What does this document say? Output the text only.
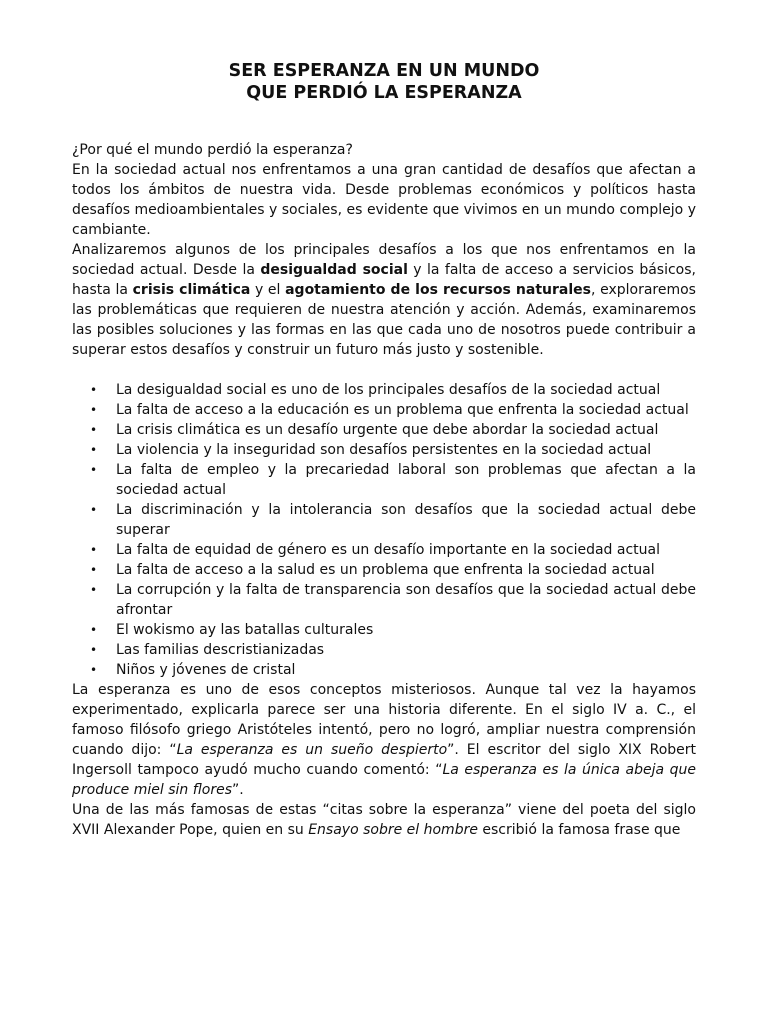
SER ESPERANZA EN UN MUNDO
QUE PERDIÓ LA ESPERANZA

¿Por qué el mundo perdió la esperanza?

En la sociedad actual nos enfrentamos a una gran cantidad de desafíos que afectan a todos los ámbitos de nuestra vida. Desde problemas económicos y políticos hasta desafíos medioambientales y sociales, es evidente que vivimos en un mundo complejo y cambiante.

Analizaremos algunos de los principales desafíos a los que nos enfrentamos en la sociedad actual. Desde la desigualdad social y la falta de acceso a servicios básicos, hasta la crisis climática y el agotamiento de los recursos naturales, exploraremos las problemáticas que requieren de nuestra atención y acción. Además, examinaremos las posibles soluciones y las formas en las que cada uno de nosotros puede contribuir a superar estos desafíos y construir un futuro más justo y sostenible.

• La desigualdad social es uno de los principales desafíos de la sociedad actual
• La falta de acceso a la educación es un problema que enfrenta la sociedad actual
• La crisis climática es un desafío urgente que debe abordar la sociedad actual
• La violencia y la inseguridad son desafíos persistentes en la sociedad actual
• La falta de empleo y la precariedad laboral son problemas que afectan a la sociedad actual
• La discriminación y la intolerancia son desafíos que la sociedad actual debe superar
• La falta de equidad de género es un desafío importante en la sociedad actual
• La falta de acceso a la salud es un problema que enfrenta la sociedad actual
• La corrupción y la falta de transparencia son desafíos que la sociedad actual debe afrontar
• El wokismo ay las batallas culturales
• Las familias descristianizadas
• Niños y jóvenes de cristal

La esperanza es uno de esos conceptos misteriosos. Aunque tal vez la hayamos experimentado, explicarla parece ser una historia diferente. En el siglo IV a. C., el famoso filósofo griego Aristóteles intentó, pero no logró, ampliar nuestra comprensión cuando dijo: “La esperanza es un sueño despierto”. El escritor del siglo XIX Robert Ingersoll tampoco ayudó mucho cuando comentó: “La esperanza es la única abeja que produce miel sin flores”.

Una de las más famosas de estas “citas sobre la esperanza” viene del poeta del siglo XVII Alexander Pope, quien en su Ensayo sobre el hombre escribió la famosa frase que
